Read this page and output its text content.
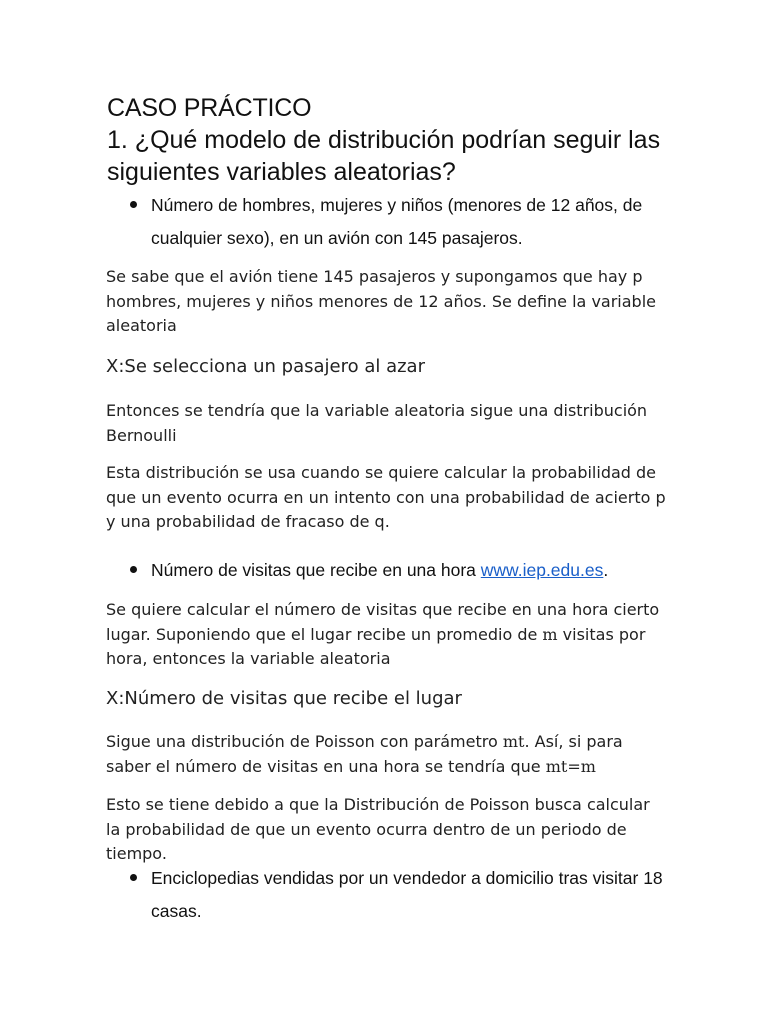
CASO PRÁCTICO
1. ¿Qué modelo de distribución podrían seguir las siguientes variables aleatorias?
Número de hombres, mujeres y niños (menores de 12 años, de cualquier sexo), en un avión con 145 pasajeros.

Se sabe que el avión tiene 145 pasajeros y supongamos que hay p hombres, mujeres y niños menores de 12 años. Se define la variable aleatoria

X:Se selecciona un pasajero al azar

Entonces se tendría que la variable aleatoria sigue una distribución Bernoulli

Esta distribución se usa cuando se quiere calcular la probabilidad de que un evento ocurra en un intento con una probabilidad de acierto p y una probabilidad de fracaso de q.

Número de visitas que recibe en una hora www.iep.edu.es.

Se quiere calcular el número de visitas que recibe en una hora cierto lugar. Suponiendo que el lugar recibe un promedio de m visitas por hora, entonces la variable aleatoria

X:Número de visitas que recibe el lugar

Sigue una distribución de Poisson con parámetro mt. Así, si para saber el número de visitas en una hora se tendría que mt=m

Esto se tiene debido a que la Distribución de Poisson busca calcular la probabilidad de que un evento ocurra dentro de un periodo de tiempo.

Enciclopedias vendidas por un vendedor a domicilio tras visitar 18 casas.
